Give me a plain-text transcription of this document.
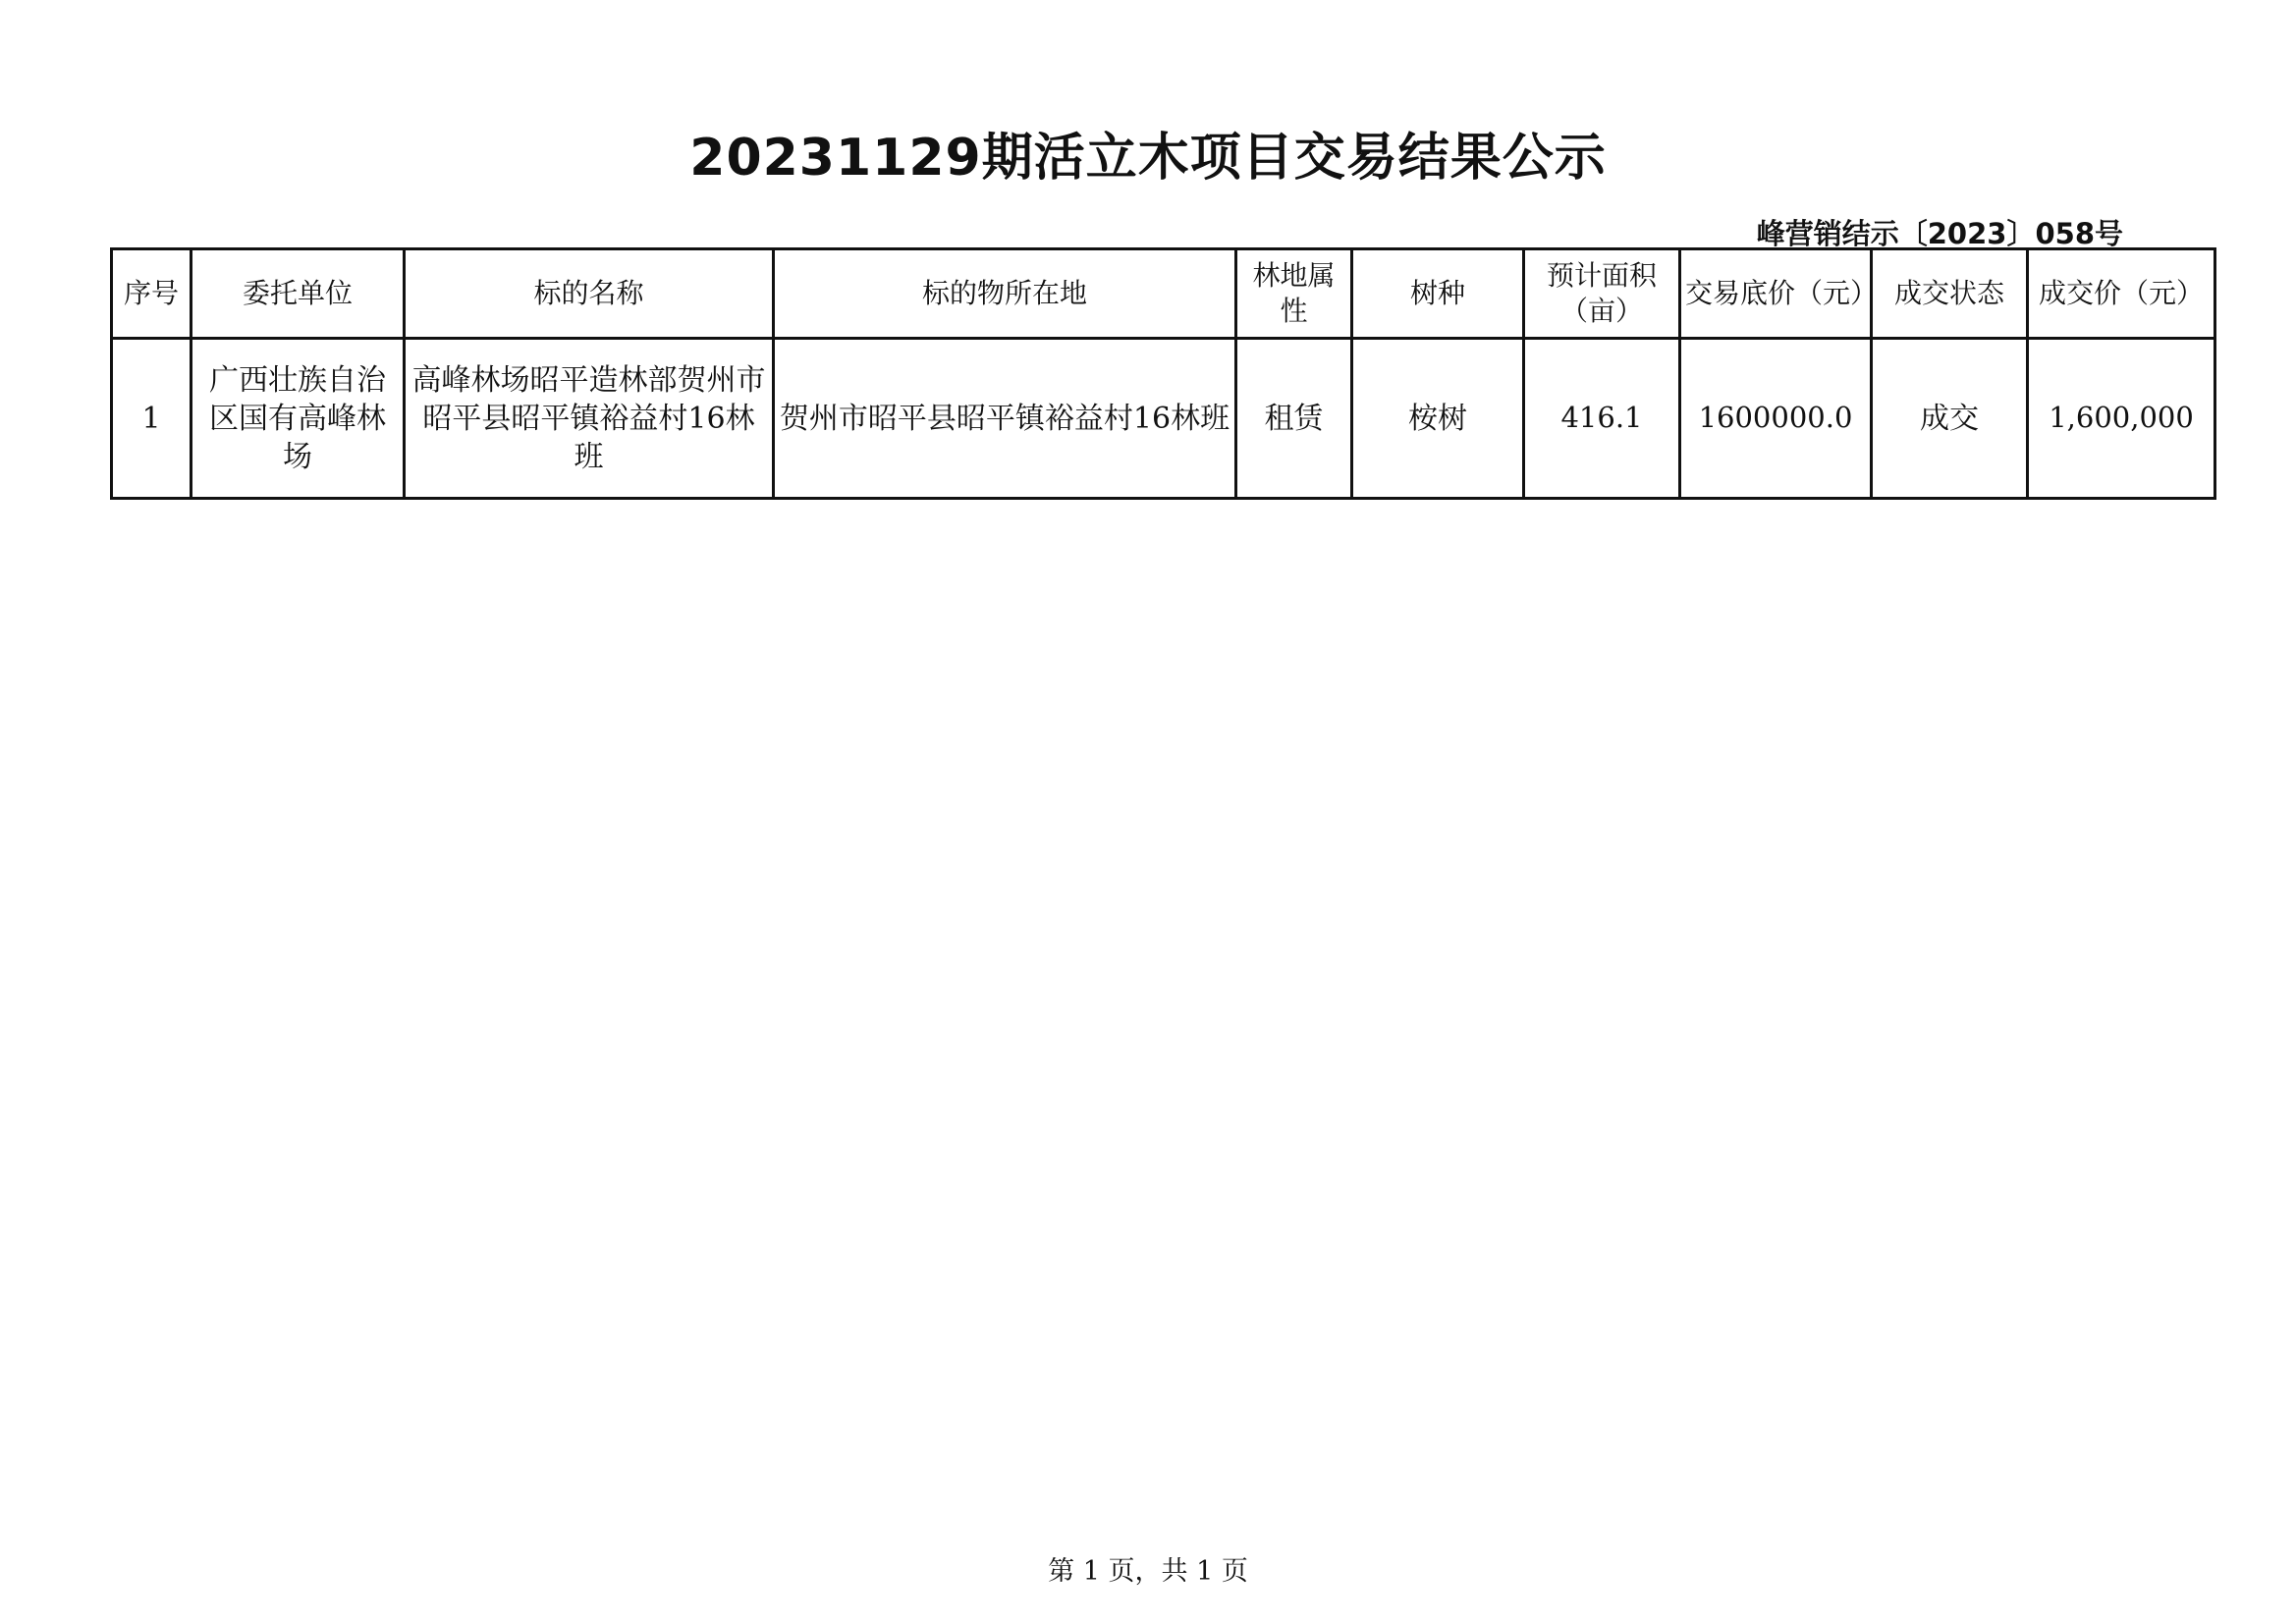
20231129期活立木项目交易结果公示
峰营销结示〔2023〕058号
序号	委托单位	标的名称	标的物所在地	林地属性	树种	预计面积（亩）	交易底价（元）	成交状态	成交价（元）
1	广西壮族自治区国有高峰林场	高峰林场昭平造林部贺州市昭平县昭平镇裕益村16林班	贺州市昭平县昭平镇裕益村16林班	租赁	桉树	416.1	1600000.0	成交	1,600,000
第 1 页，共 1 页
